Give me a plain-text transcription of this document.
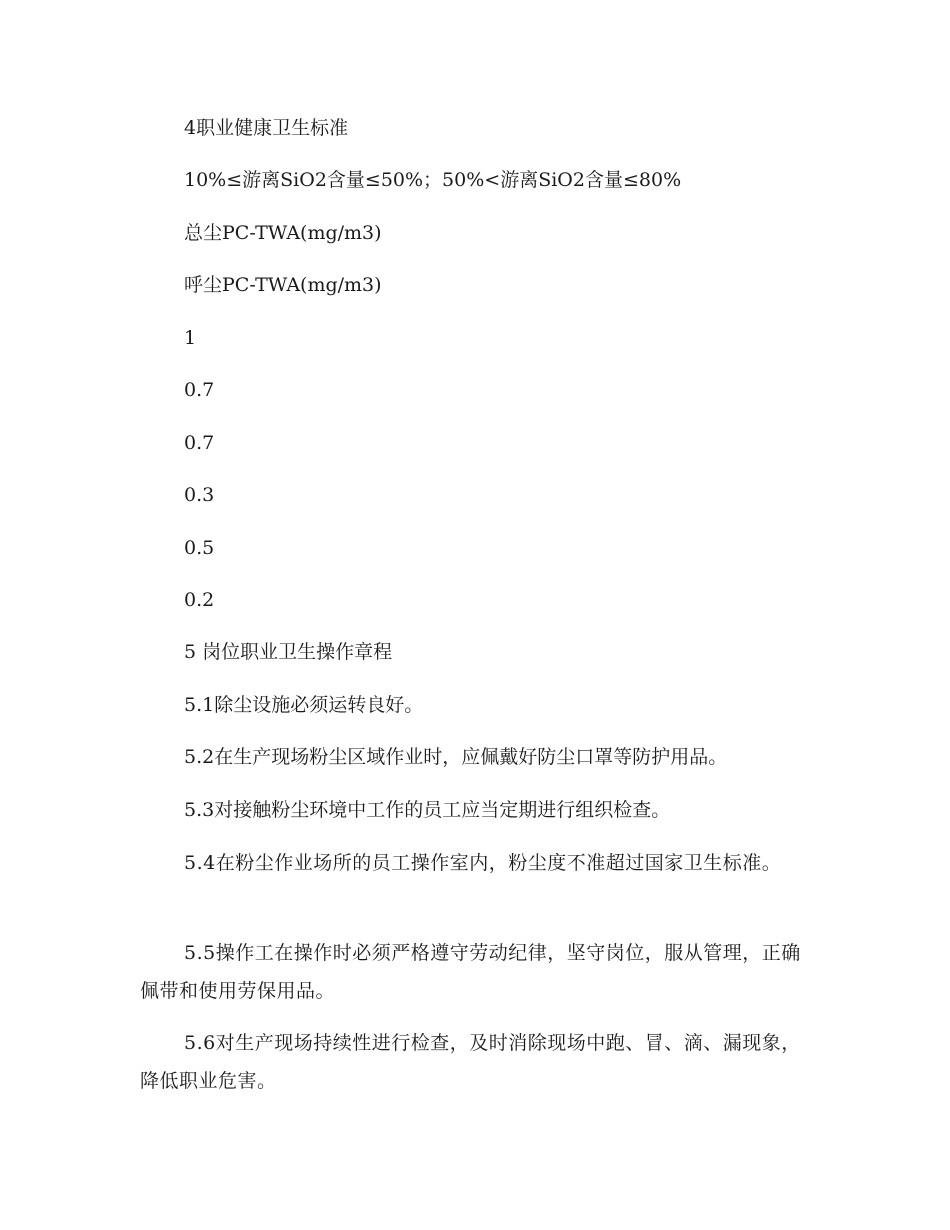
4职业健康卫生标准

10%≤游离SiO2含量≤50%；50%<游离SiO2含量≤80%

总尘PC-TWA(mg/m3)

呼尘PC-TWA(mg/m3)

1

0.7

0.7

0.3

0.5

0.2

5 岗位职业卫生操作章程

5.1除尘设施必须运转良好。

5.2在生产现场粉尘区域作业时，应佩戴好防尘口罩等防护用品。

5.3对接触粉尘环境中工作的员工应当定期进行组织检查。

5.4在粉尘作业场所的员工操作室内，粉尘度不准超过国家卫生标准。

5.5操作工在操作时必须严格遵守劳动纪律，坚守岗位，服从管理，正确佩带和使用劳保用品。

5.6对生产现场持续性进行检查，及时消除现场中跑、冒、滴、漏现象，降低职业危害。
